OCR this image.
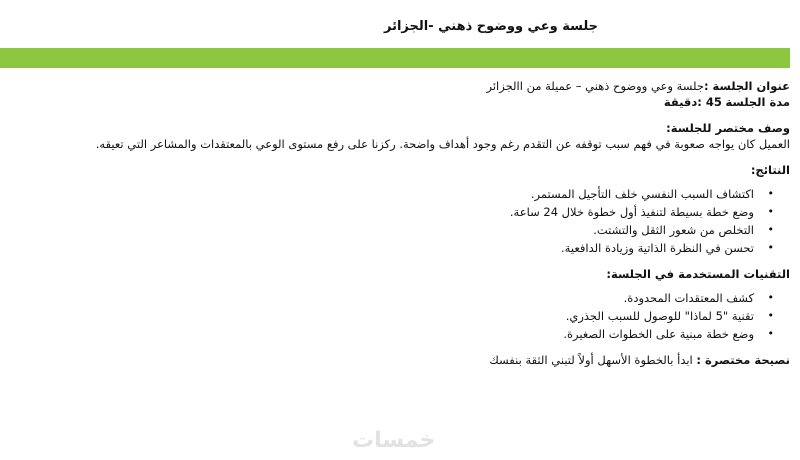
جلسة وعي ووضوح ذهني -الجزائر

عنوان الجلسة :جلسة وعي ووضوح ذهني – عميلة من االجزائر

مدة الجلسة 45 :دقيقة

وصف مختصر للجلسة:

العميل كان يواجه صعوبة في فهم سبب توقفه عن التقدم رغم وجود أهداف واضحة. ركزنا على رفع مستوى الوعي بالمعتقدات والمشاعر التي تعيقه.

النتائج:

• اكتشاف السبب النفسي خلف التأجيل المستمر.
• وضع خطة بسيطة لتنفيذ أول خطوة خلال 24 ساعة.
• التخلص من شعور الثقل والتشتت.
• تحسن في النظرة الذاتية وزيادة الدافعية.

التقنيات المستخدمة في الجلسة:

• كشف المعتقدات المحدودة.
• تقنية "5 لماذا" للوصول للسبب الجذري.
• وضع خطة مبنية على الخطوات الصغيرة.

نصيحة مختصرة : ابدأ بالخطوة الأسهل أولاً لتبني الثقة بنفسك

خمسات
